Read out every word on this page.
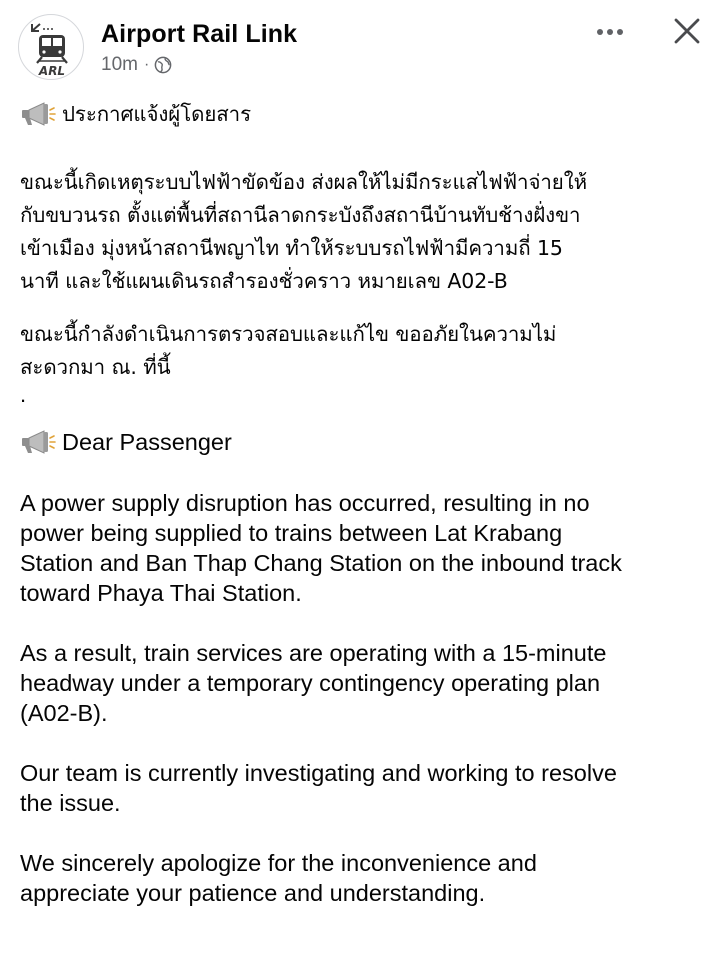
ARL
Airport Rail Link
10m ·
ประกาศแจ้งผู้โดยสาร
ขณะนี้เกิดเหตุระบบไฟฟ้าขัดข้อง ส่งผลให้ไม่มีกระแสไฟฟ้าจ่ายให้
กับขบวนรถ ตั้งแต่พื้นที่สถานีลาดกระบังถึงสถานีบ้านทับช้างฝั่งขา
เข้าเมือง มุ่งหน้าสถานีพญาไท ทำให้ระบบรถไฟฟ้ามีความถี่ 15
นาที และใช้แผนเดินรถสำรองชั่วคราว หมายเลข A02-B
ขณะนี้กำลังดำเนินการตรวจสอบและแก้ไข ขออภัยในความไม่
สะดวกมา ณ. ที่นี้
.
Dear Passenger
A power supply disruption has occurred, resulting in no
power being supplied to trains between Lat Krabang
Station and Ban Thap Chang Station on the inbound track
toward Phaya Thai Station.
As a result, train services are operating with a 15-minute
headway under a temporary contingency operating plan
(A02-B).
Our team is currently investigating and working to resolve
the issue.
We sincerely apologize for the inconvenience and
appreciate your patience and understanding.
